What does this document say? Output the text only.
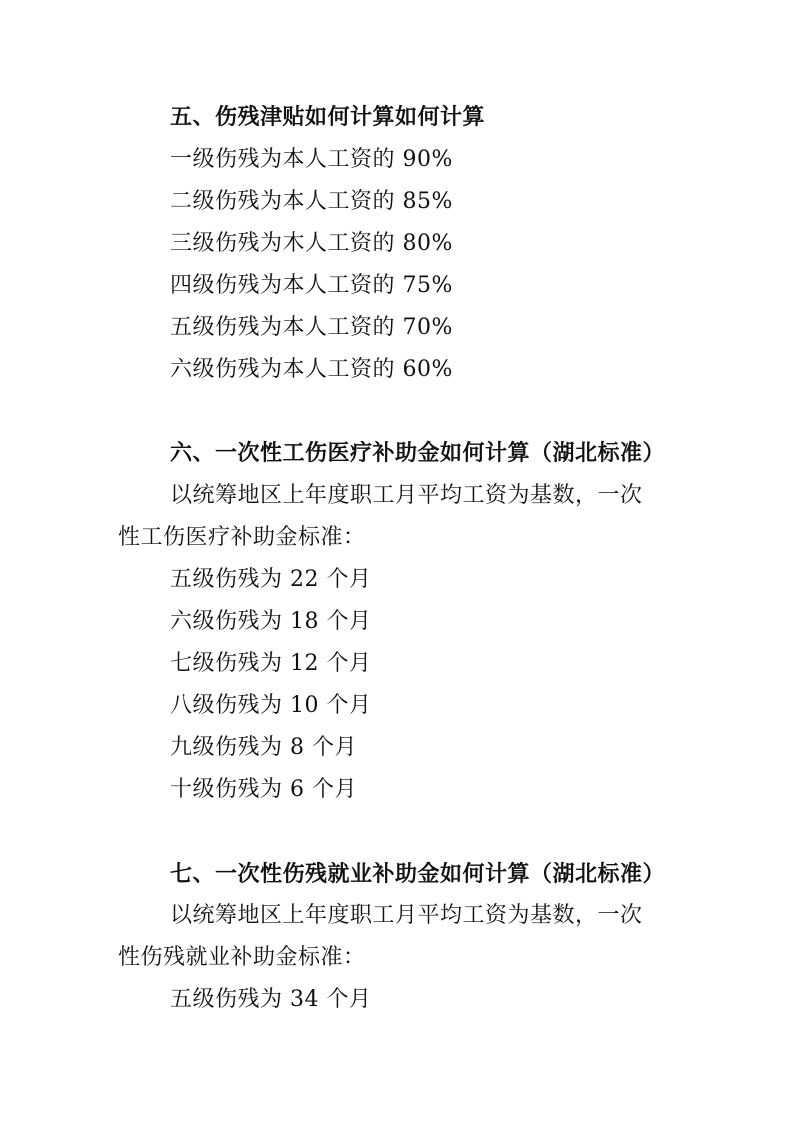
五、伤残津贴如何计算如何计算
一级伤残为本人工资的 90%
二级伤残为本人工资的 85%
三级伤残为木人工资的 80%
四级伤残为本人工资的 75%
五级伤残为本人工资的 70%
六级伤残为本人工资的 60%
六、一次性工伤医疗补助金如何计算（湖北标准）
以统筹地区上年度职工月平均工资为基数，一次
性工伤医疗补助金标准：
五级伤残为 22 个月
六级伤残为 18 个月
七级伤残为 12 个月
八级伤残为 10 个月
九级伤残为 8 个月
十级伤残为 6 个月
七、一次性伤残就业补助金如何计算（湖北标准）
以统筹地区上年度职工月平均工资为基数，一次
性伤残就业补助金标准：
五级伤残为 34 个月
